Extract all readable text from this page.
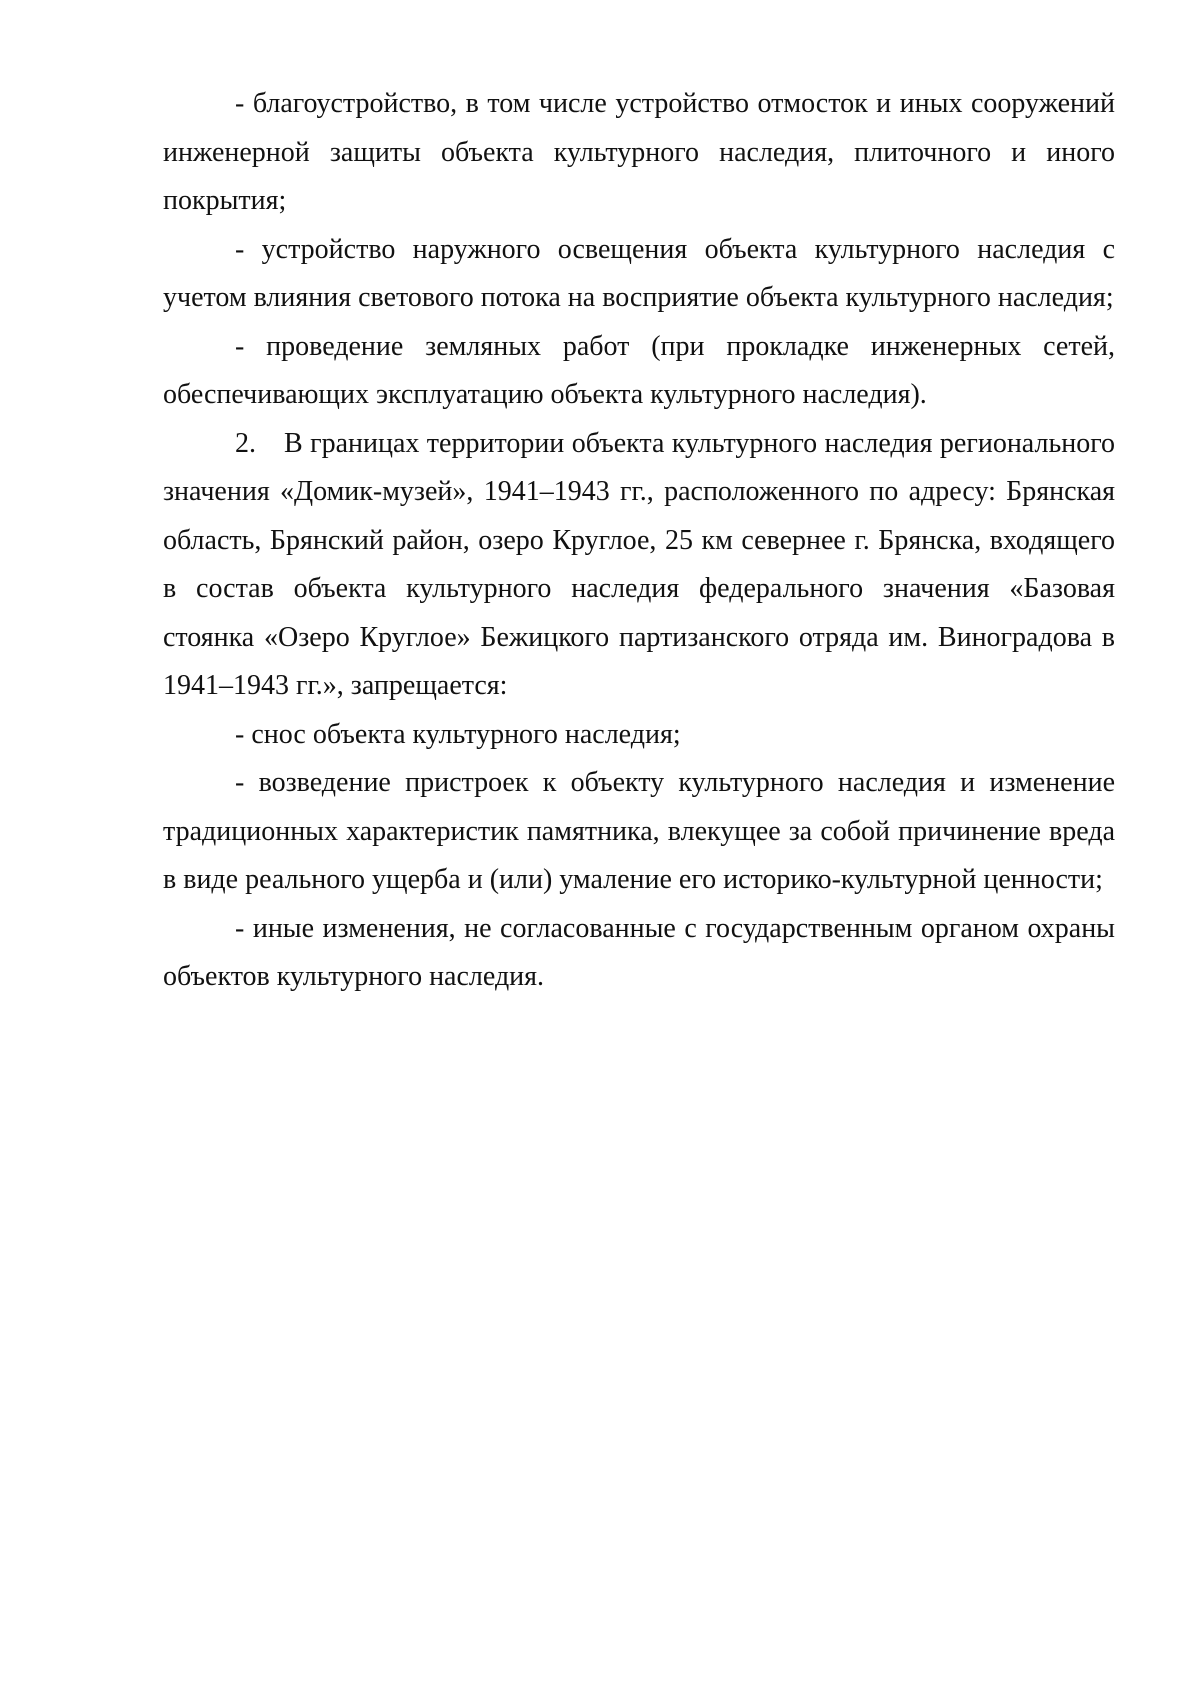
- благоустройство, в том числе устройство отмосток и иных сооружений инженерной защиты объекта культурного наследия, плиточного и иного покрытия;

- устройство наружного освещения объекта культурного наследия с учетом влияния светового потока на восприятие объекта культурного наследия;

- проведение земляных работ (при прокладке инженерных сетей, обеспечивающих эксплуатацию объекта культурного наследия).

2. В границах территории объекта культурного наследия регионального значения «Домик-музей», 1941–1943 гг., расположенного по адресу: Брянская область, Брянский район, озеро Круглое, 25 км севернее г. Брянска, входящего в состав объекта культурного наследия федерального значения «Базовая стоянка «Озеро Круглое» Бежицкого партизанского отряда им. Виноградова в 1941–1943 гг.», запрещается:

- снос объекта культурного наследия;

- возведение пристроек к объекту культурного наследия и изменение традиционных характеристик памятника, влекущее за собой причинение вреда в виде реального ущерба и (или) умаление его историко-культурной ценности;

- иные изменения, не согласованные с государственным органом охраны объектов культурного наследия.
